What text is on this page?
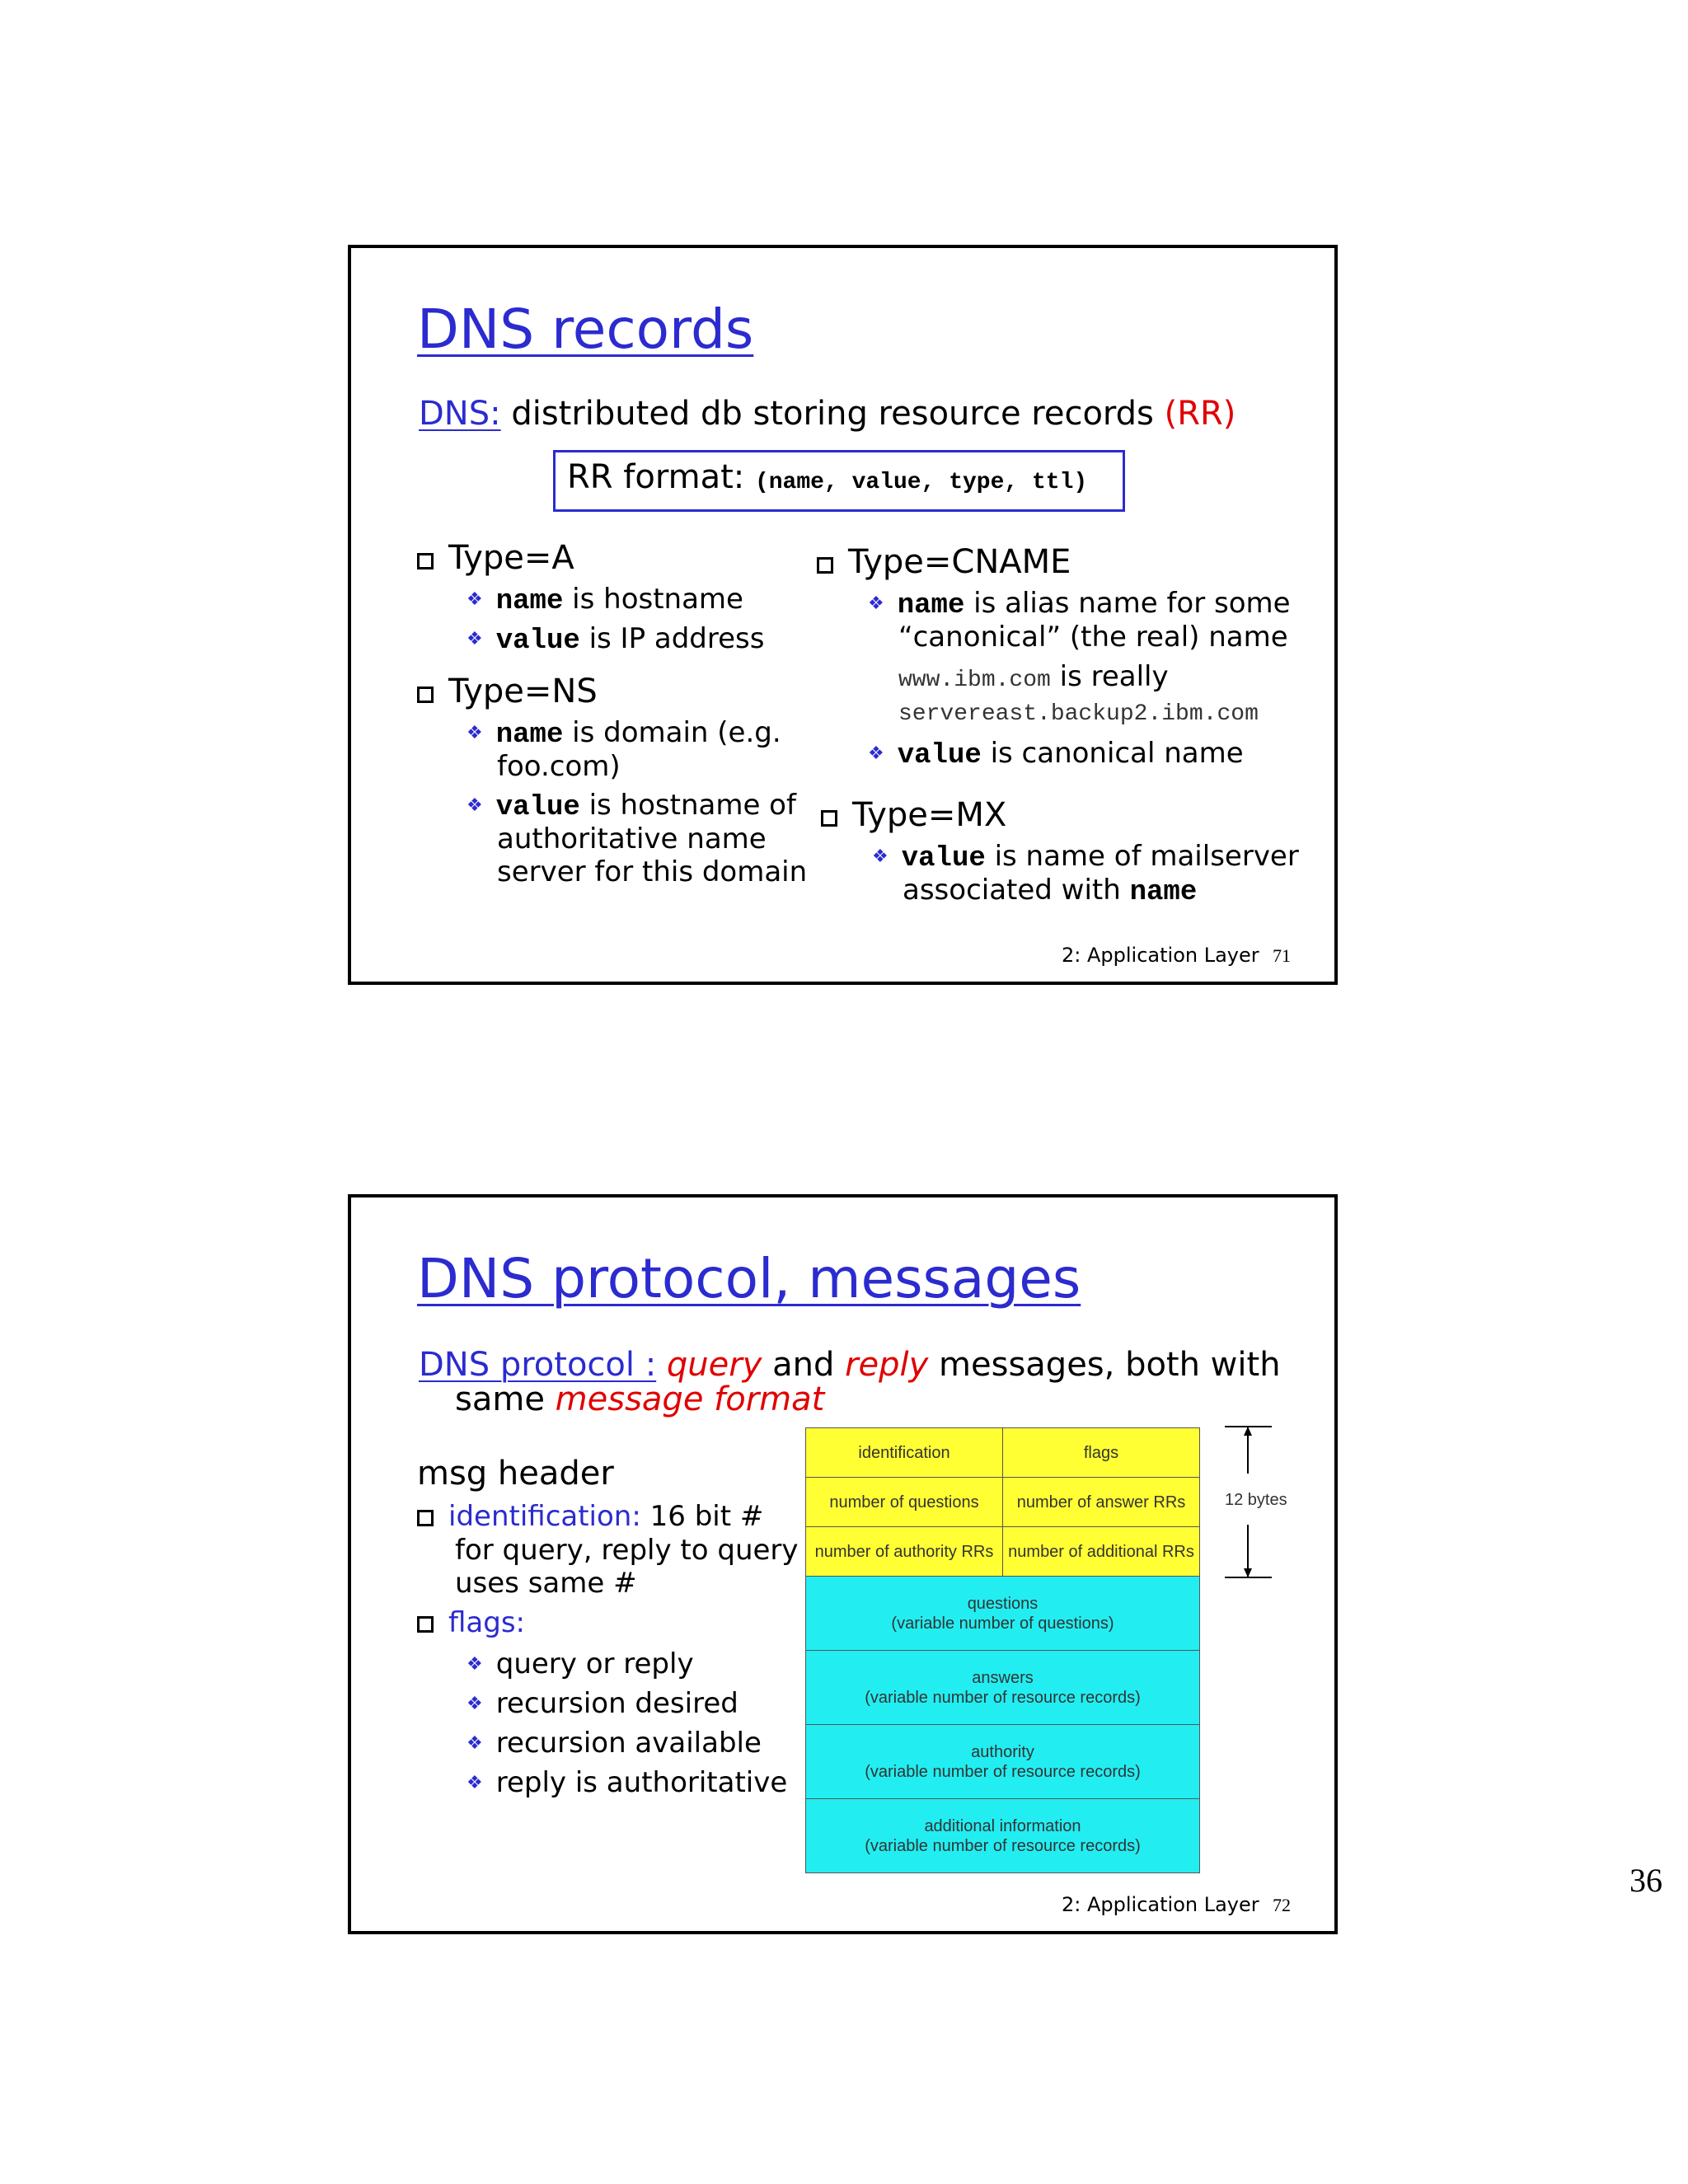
DNS records
DNS: distributed db storing resource records (RR)
RR format: (name, value, type, ttl)
Type=A
❖ name is hostname
❖ value is IP address
Type=NS
❖ name is domain (e.g.
foo.com)
❖ value is hostname of
authoritative name
server for this domain
Type=CNAME
❖ name is alias name for some
“canonical” (the real) name
www.ibm.com is really
servereast.backup2.ibm.com
❖ value is canonical name
Type=MX
❖ value is name of mailserver
associated with name
2: Application Layer 71
DNS protocol, messages
DNS protocol : query and reply messages, both with
same message format
msg header
identification: 16 bit #
for query, reply to query
uses same #
flags:
❖ query or reply
❖ recursion desired
❖ recursion available
❖ reply is authoritative
identification	flags
number of questions	number of answer RRs
number of authority RRs number of additional RRs
questions
(variable number of questions)
answers
(variable number of resource records)
authority
(variable number of resource records)
additional information
(variable number of resource records)
12 bytes
2: Application Layer 72
36
